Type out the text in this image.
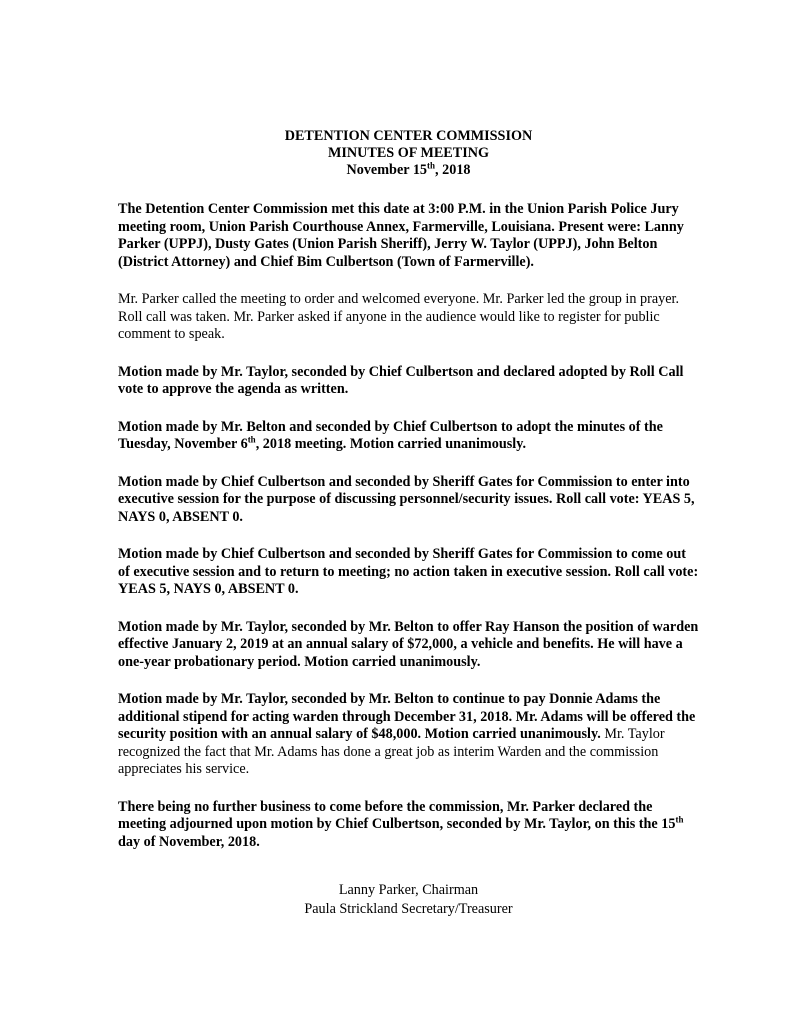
DETENTION CENTER COMMISSION
MINUTES OF MEETING
November 15th, 2018

The Detention Center Commission met this date at 3:00 P.M. in the Union Parish Police Jury meeting room, Union Parish Courthouse Annex, Farmerville, Louisiana. Present were: Lanny Parker (UPPJ), Dusty Gates (Union Parish Sheriff), Jerry W. Taylor (UPPJ), John Belton (District Attorney) and Chief Bim Culbertson (Town of Farmerville).

Mr. Parker called the meeting to order and welcomed everyone. Mr. Parker led the group in prayer. Roll call was taken. Mr. Parker asked if anyone in the audience would like to register for public comment to speak.

Motion made by Mr. Taylor, seconded by Chief Culbertson and declared adopted by Roll Call vote to approve the agenda as written.

Motion made by Mr. Belton and seconded by Chief Culbertson to adopt the minutes of the Tuesday, November 6th, 2018 meeting. Motion carried unanimously.

Motion made by Chief Culbertson and seconded by Sheriff Gates for Commission to enter into executive session for the purpose of discussing personnel/security issues. Roll call vote: YEAS 5, NAYS 0, ABSENT 0.

Motion made by Chief Culbertson and seconded by Sheriff Gates for Commission to come out of executive session and to return to meeting; no action taken in executive session. Roll call vote: YEAS 5, NAYS 0, ABSENT 0.

Motion made by Mr. Taylor, seconded by Mr. Belton to offer Ray Hanson the position of warden effective January 2, 2019 at an annual salary of $72,000, a vehicle and benefits. He will have a one-year probationary period. Motion carried unanimously.

Motion made by Mr. Taylor, seconded by Mr. Belton to continue to pay Donnie Adams the additional stipend for acting warden through December 31, 2018. Mr. Adams will be offered the security position with an annual salary of $48,000. Motion carried unanimously. Mr. Taylor recognized the fact that Mr. Adams has done a great job as interim Warden and the commission appreciates his service.

There being no further business to come before the commission, Mr. Parker declared the meeting adjourned upon motion by Chief Culbertson, seconded by Mr. Taylor, on this the 15th day of November, 2018.

Lanny Parker, Chairman
Paula Strickland Secretary/Treasurer
